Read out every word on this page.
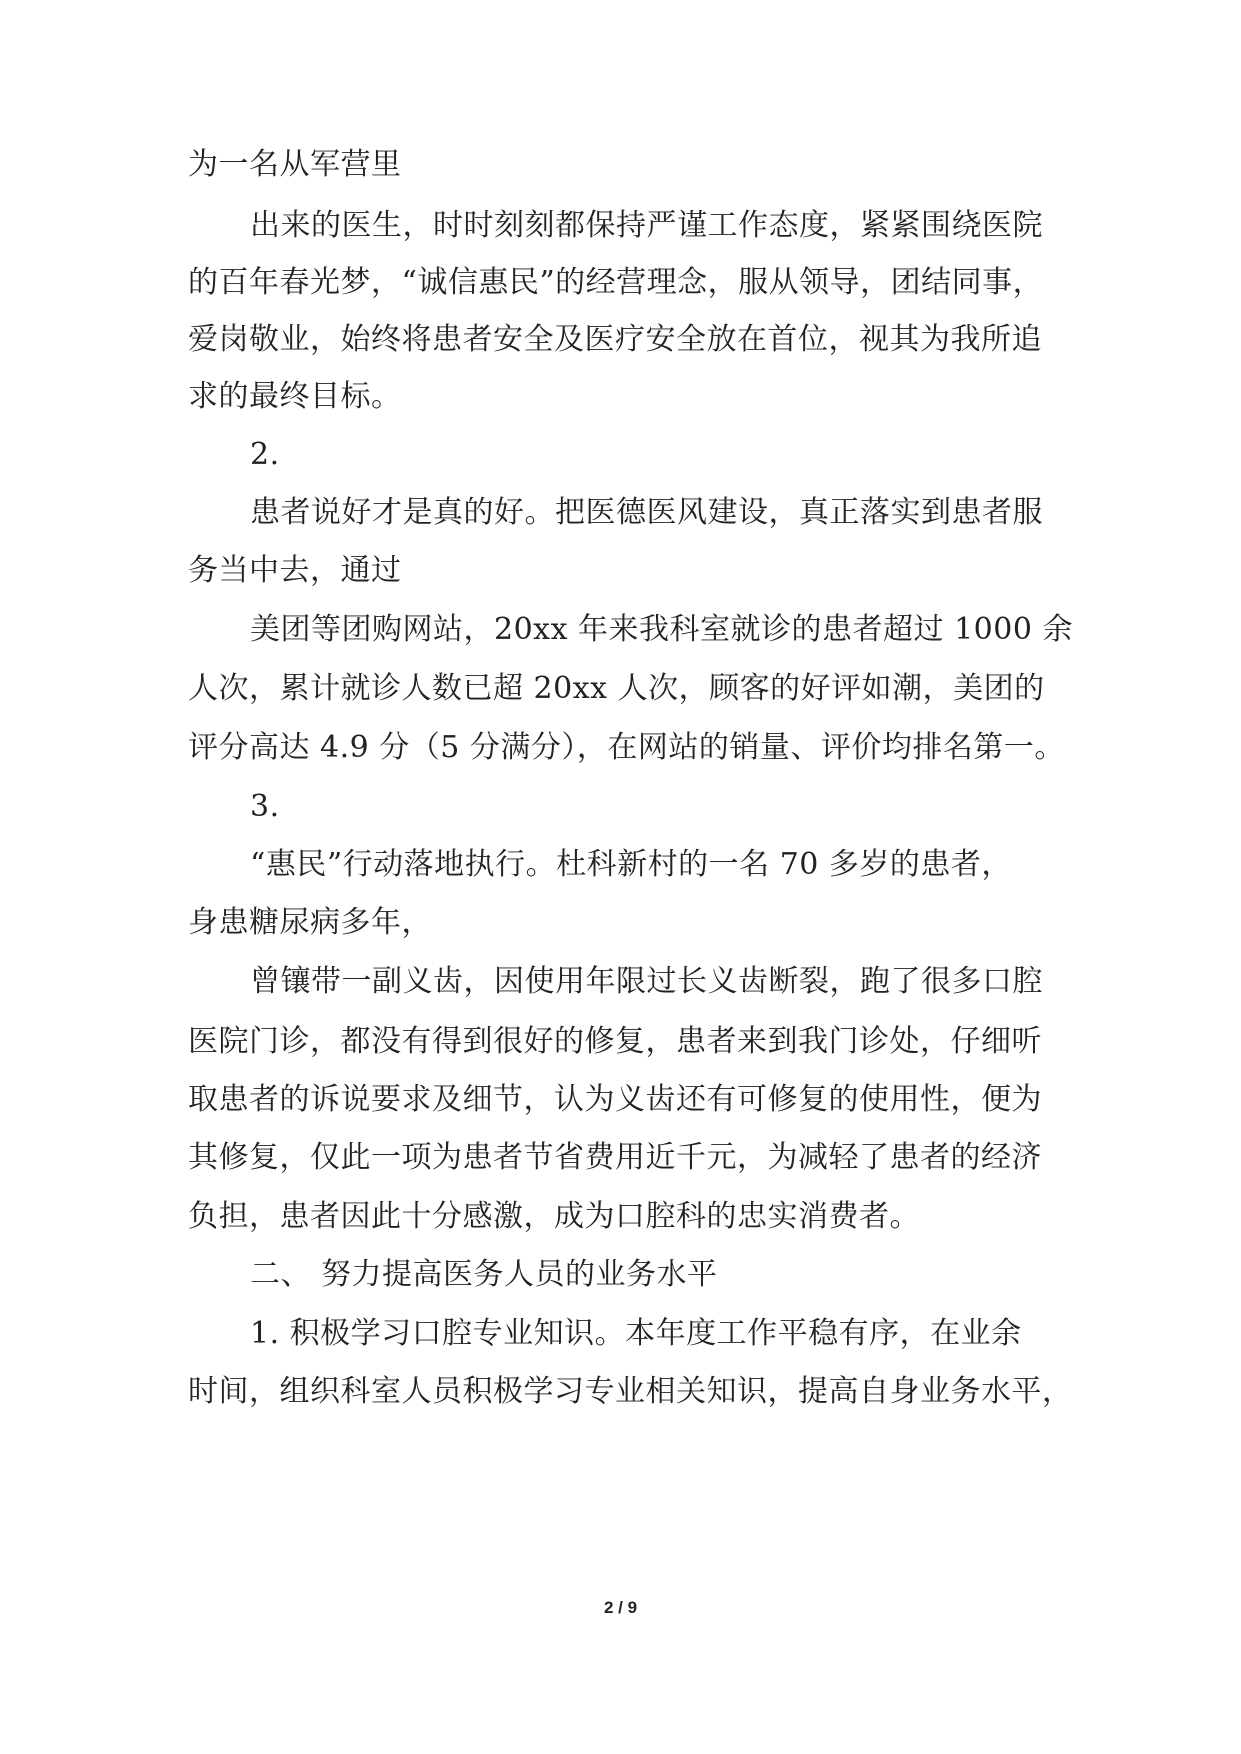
为一名从军营里
出来的医生，时时刻刻都保持严谨工作态度，紧紧围绕医院
的百年春光梦，“诚信惠民”的经营理念，服从领导，团结同事，
爱岗敬业，始终将患者安全及医疗安全放在首位，视其为我所追
求的最终目标。
2.
患者说好才是真的好。把医德医风建设，真正落实到患者服
务当中去，通过
美团等团购网站，20xx 年来我科室就诊的患者超过 1000 余
人次，累计就诊人数已超 20xx 人次，顾客的好评如潮，美团的
评分高达 4.9 分（5 分满分），在网站的销量、评价均排名第一。
3.
“惠民”行动落地执行。杜科新村的一名 70 多岁的患者，
身患糖尿病多年，
曾镶带一副义齿，因使用年限过长义齿断裂，跑了很多口腔
医院门诊，都没有得到很好的修复，患者来到我门诊处，仔细听
取患者的诉说要求及细节，认为义齿还有可修复的使用性，便为
其修复，仅此一项为患者节省费用近千元，为减轻了患者的经济
负担，患者因此十分感激，成为口腔科的忠实消费者。
二、 努力提高医务人员的业务水平
1. 积极学习口腔专业知识。本年度工作平稳有序，在业余
时间，组织科室人员积极学习专业相关知识，提高自身业务水平，
2 / 9
